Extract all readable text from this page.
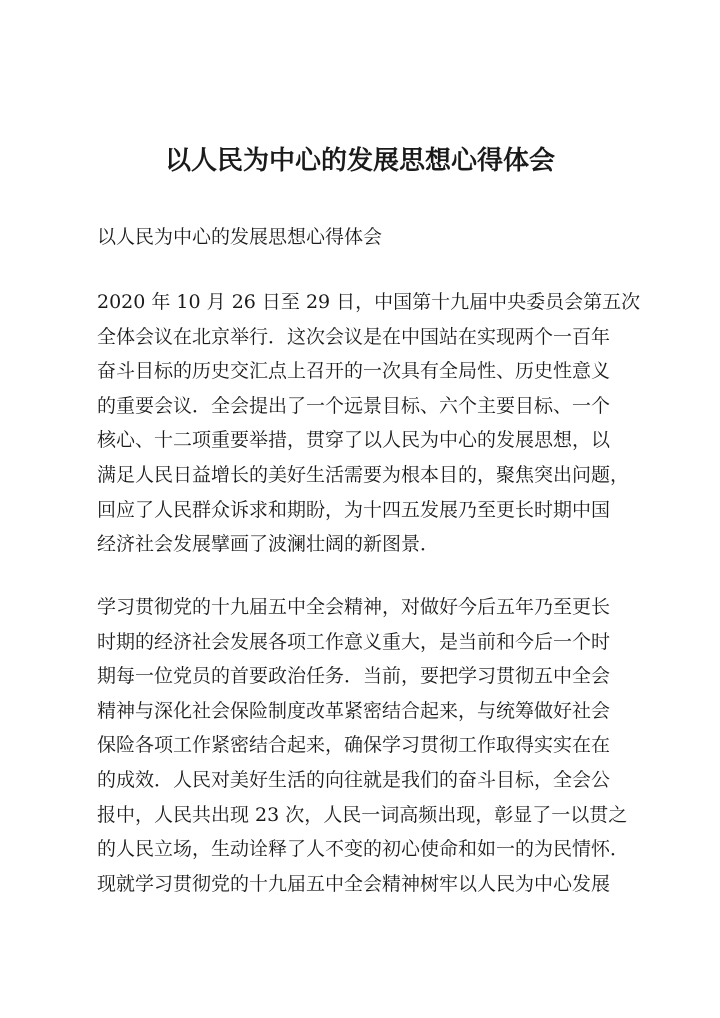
以人民为中心的发展思想心得体会
以人民为中心的发展思想心得体会
2020 年 10 月 26 日至 29 日，中国第十九届中央委员会第五次
全体会议在北京举行．这次会议是在中国站在实现两个一百年
奋斗目标的历史交汇点上召开的一次具有全局性、历史性意义
的重要会议．全会提出了一个远景目标、六个主要目标、一个
核心、十二项重要举措，贯穿了以人民为中心的发展思想，以
满足人民日益增长的美好生活需要为根本目的，聚焦突出问题，
回应了人民群众诉求和期盼，为十四五发展乃至更长时期中国
经济社会发展擘画了波澜壮阔的新图景．
学习贯彻党的十九届五中全会精神，对做好今后五年乃至更长
时期的经济社会发展各项工作意义重大，是当前和今后一个时
期每一位党员的首要政治任务．当前，要把学习贯彻五中全会
精神与深化社会保险制度改革紧密结合起来，与统筹做好社会
保险各项工作紧密结合起来，确保学习贯彻工作取得实实在在
的成效．人民对美好生活的向往就是我们的奋斗目标，全会公
报中，人民共出现 23 次，人民一词高频出现，彰显了一以贯之
的人民立场，生动诠释了人不变的初心使命和如一的为民情怀．
现就学习贯彻党的十九届五中全会精神树牢以人民为中心发展
